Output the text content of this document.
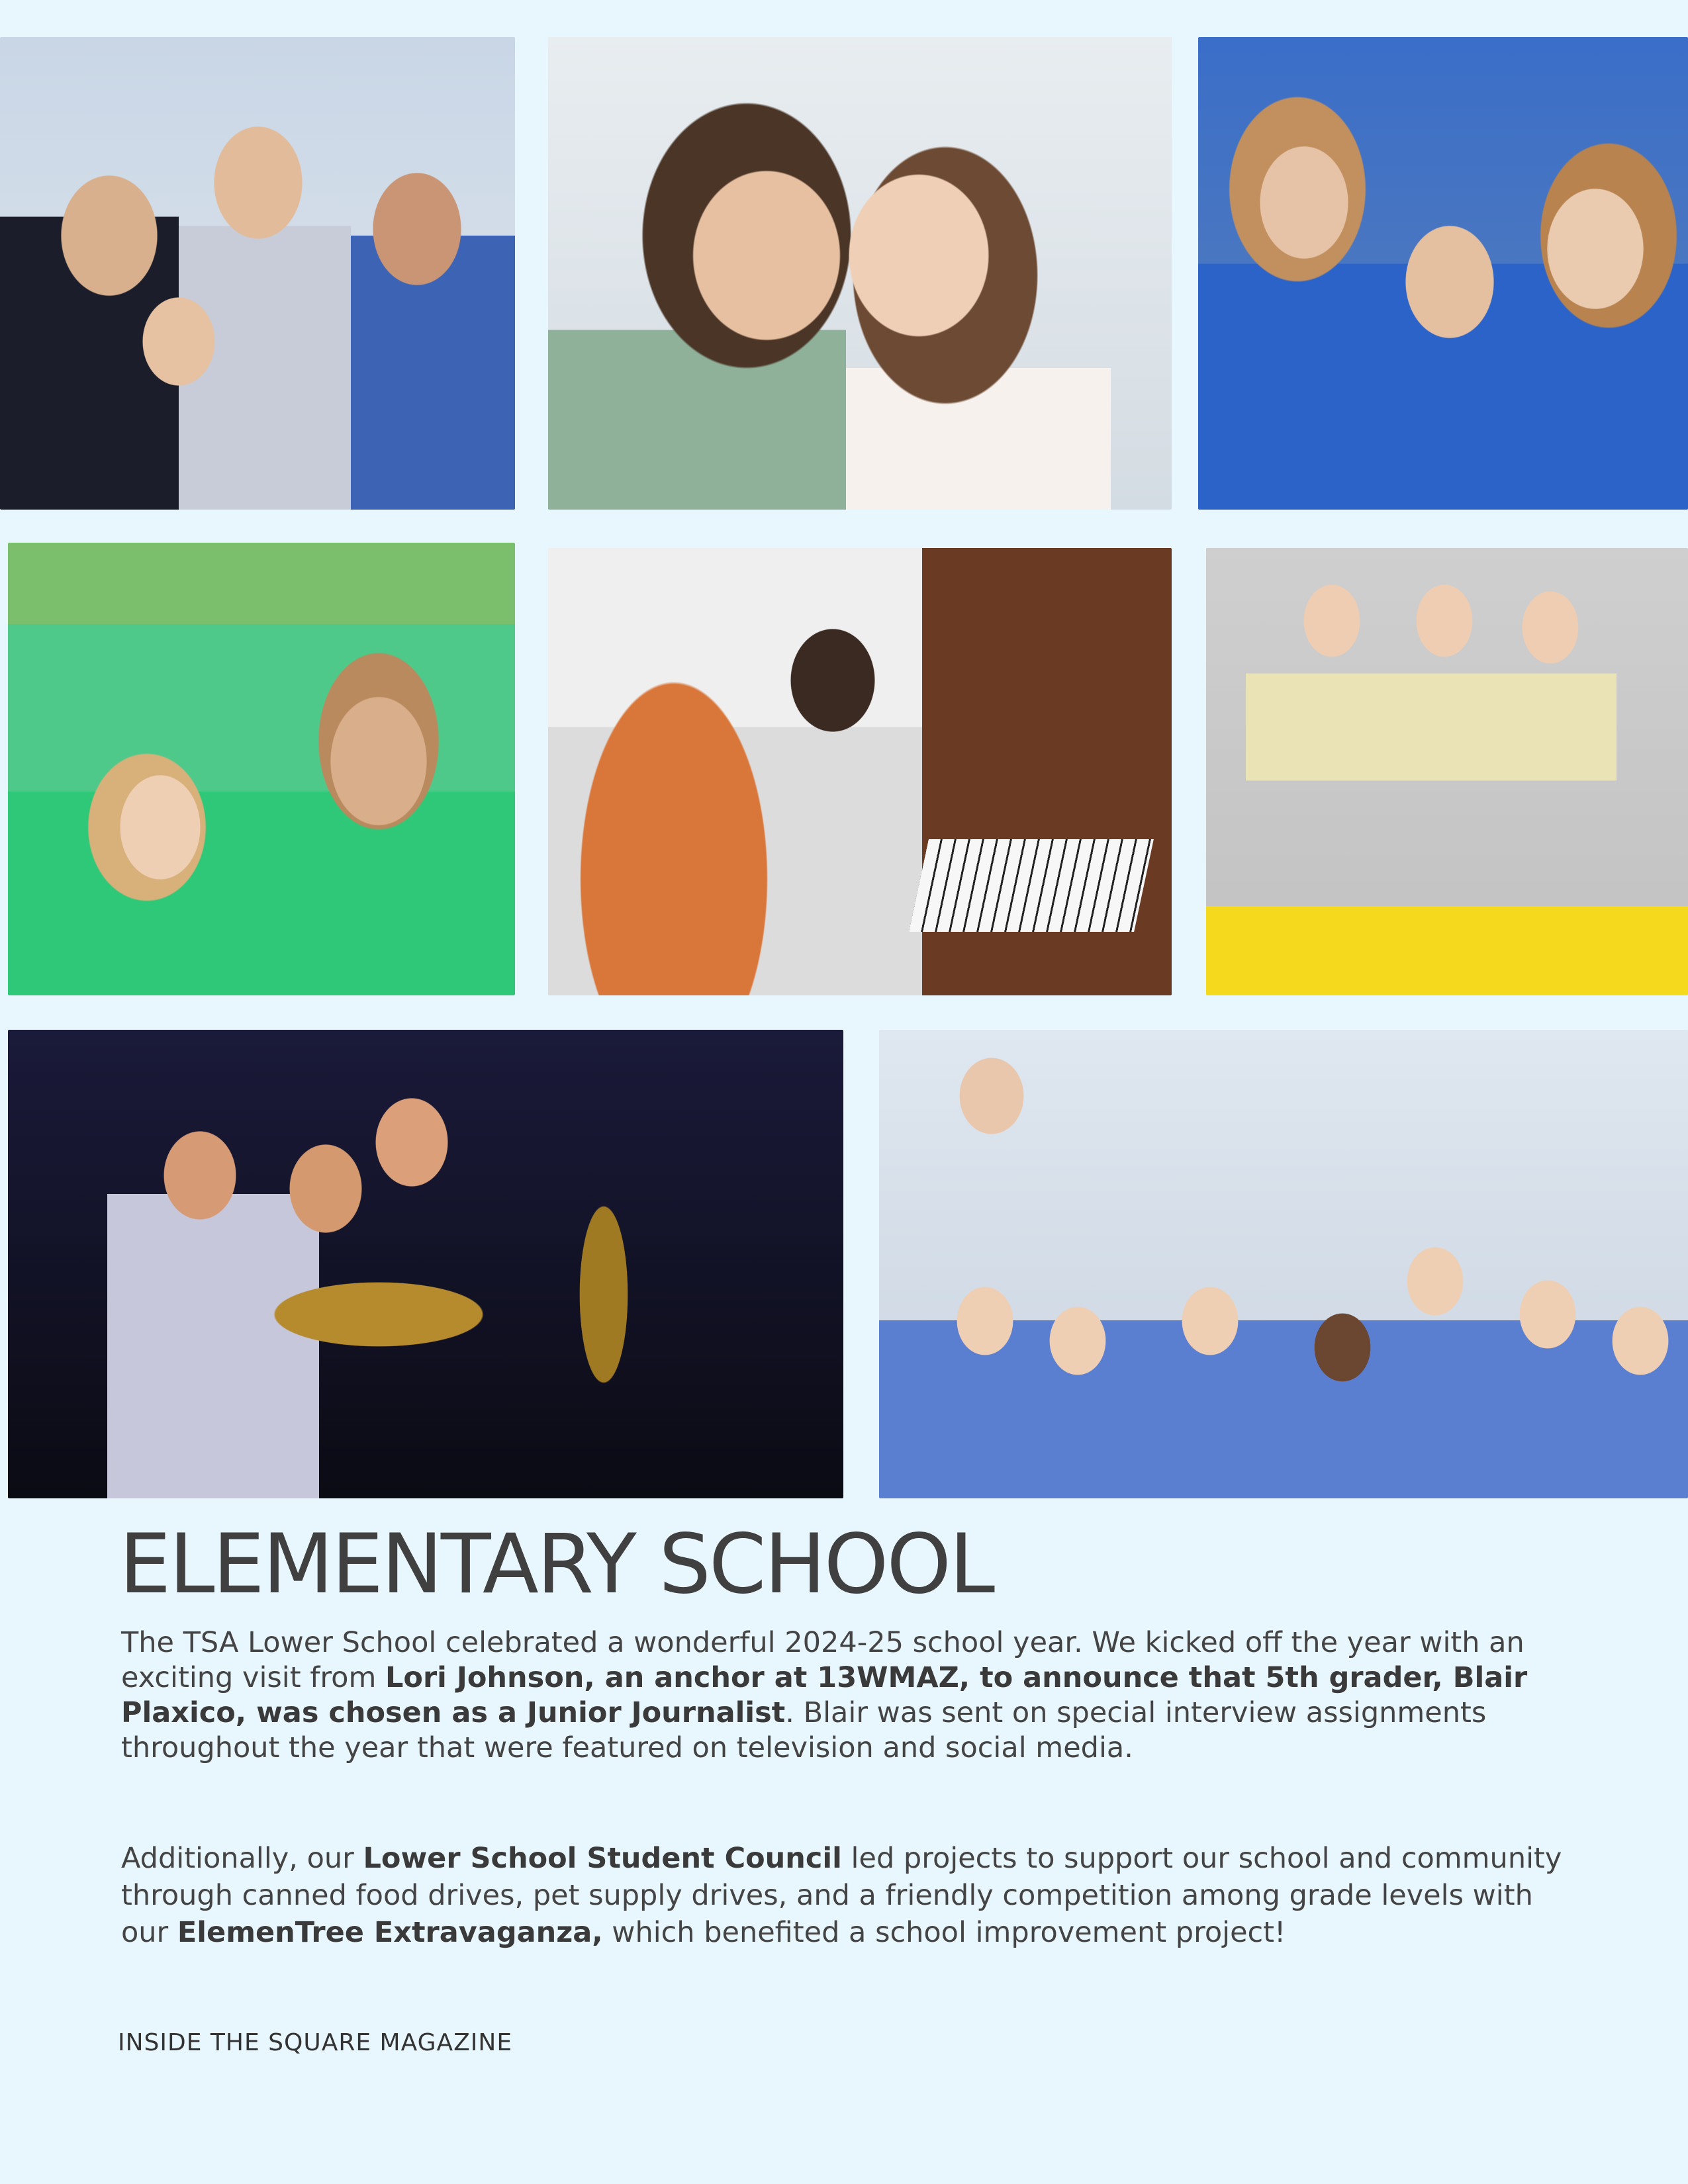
ELEMENTARY SCHOOL

The TSA Lower School celebrated a wonderful 2024-25 school year. We kicked off the year with an exciting visit from Lori Johnson, an anchor at 13WMAZ, to announce that 5th grader, Blair Plaxico, was chosen as a Junior Journalist. Blair was sent on special interview assignments throughout the year that were featured on television and social media.

Additionally, our Lower School Student Council led projects to support our school and community through canned food drives, pet supply drives, and a friendly competition among grade levels with our ElemenTree Extravaganza, which benefited a school improvement project!

INSIDE THE SQUARE MAGAZINE
